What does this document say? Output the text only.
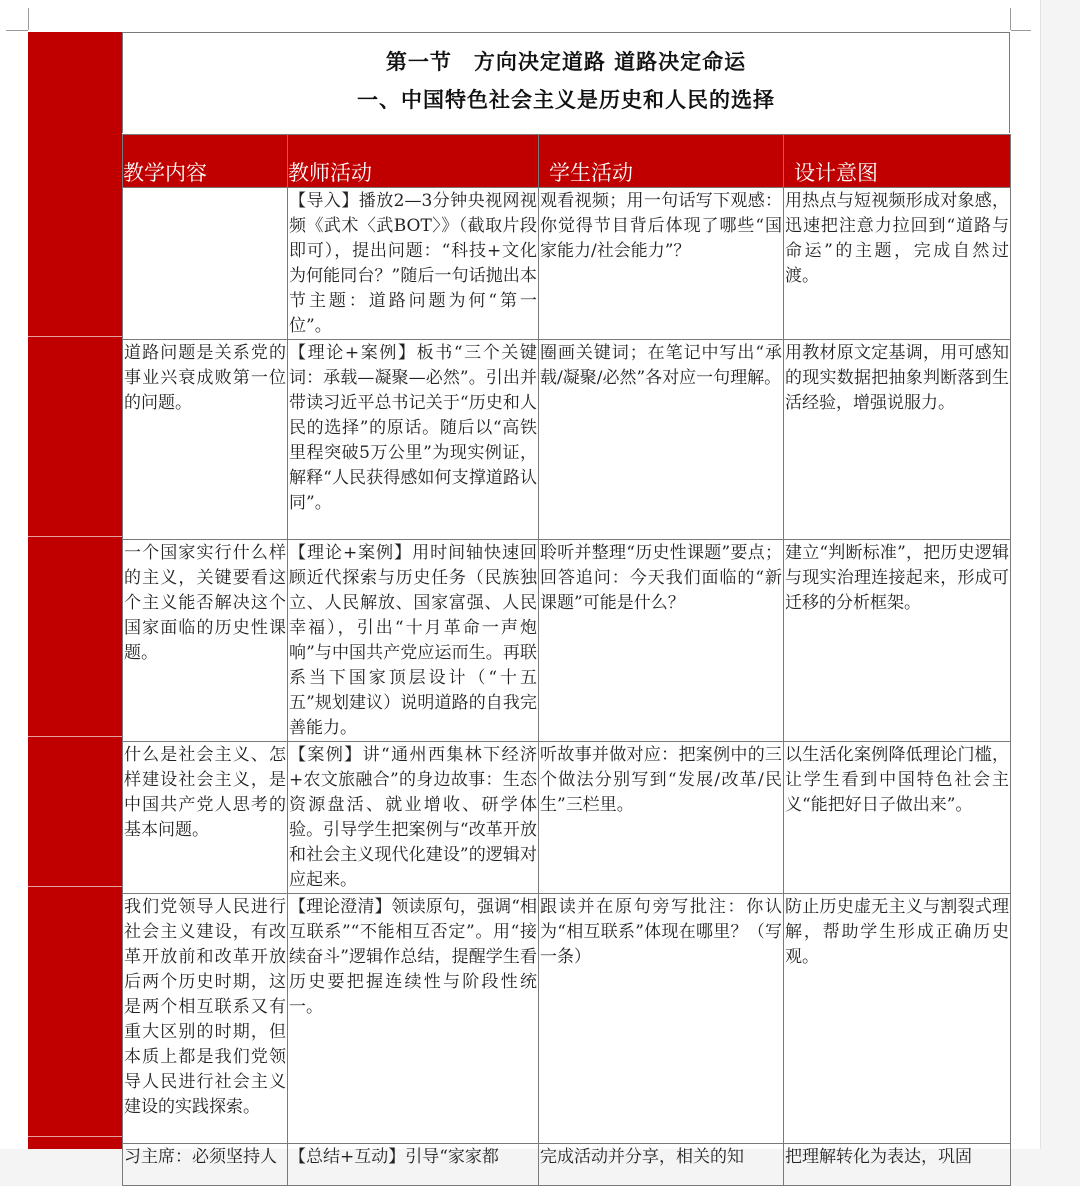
第一节 方向决定道路 道路决定命运
一、中国特色社会主义是历史和人民的选择
教学内容	教师活动	学生活动	设计意图

	【导入】播放2—3分钟央视网视频《武术〈武BOT〉》（截取片段即可），提出问题：“科技+文化为何能同台？”随后一句话抛出本节主题：道路问题为何“第一位”。	观看视频；用一句话写下观感：你觉得节目背后体现了哪些“国家能力/社会能力”？	用热点与短视频形成对象感，迅速把注意力拉回到“道路与命运”的主题，完成自然过渡。
道路问题是关系党的事业兴衰成败第一位的问题。	【理论+案例】板书“三个关键词：承载—凝聚—必然”。引出并带读习近平总书记关于“历史和人民的选择”的原话。随后以“高铁里程突破5万公里”为现实例证，解释“人民获得感如何支撑道路认同”。	圈画关键词；在笔记中写出“承载/凝聚/必然”各对应一句理解。	用教材原文定基调，用可感知的现实数据把抽象判断落到生活经验，增强说服力。
一个国家实行什么样的主义，关键要看这个主义能否解决这个国家面临的历史性课题。	【理论+案例】用时间轴快速回顾近代探索与历史任务（民族独立、人民解放、国家富强、人民幸福），引出“十月革命一声炮响”与中国共产党应运而生。再联系当下国家顶层设计（“十五五”规划建议）说明道路的自我完善能力。	聆听并整理“历史性课题”要点；回答追问：今天我们面临的“新课题”可能是什么？	建立“判断标准”，把历史逻辑与现实治理连接起来，形成可迁移的分析框架。
什么是社会主义、怎样建设社会主义，是中国共产党人思考的基本问题。	【案例】讲“通州西集林下经济+农文旅融合”的身边故事：生态资源盘活、就业增收、研学体验。引导学生把案例与“改革开放和社会主义现代化建设”的逻辑对应起来。	听故事并做对应：把案例中的三个做法分别写到“发展/改革/民生”三栏里。	以生活化案例降低理论门槛，让学生看到中国特色社会主义“能把好日子做出来”。
我们党领导人民进行社会主义建设，有改革开放前和改革开放后两个历史时期，这是两个相互联系又有重大区别的时期，但本质上都是我们党领导人民进行社会主义建设的实践探索。	【理论澄清】领读原句，强调“相互联系”“不能相互否定”。用“接续奋斗”逻辑作总结，提醒学生看历史要把握连续性与阶段性统一。	跟读并在原句旁写批注：你认为“相互联系”体现在哪里？（写一条）	防止历史虚无主义与割裂式理解，帮助学生形成正确历史观。
习主席：必须坚持人	【总结+互动】引导“家家都	完成活动并分享，相关的知	把理解转化为表达，巩固
